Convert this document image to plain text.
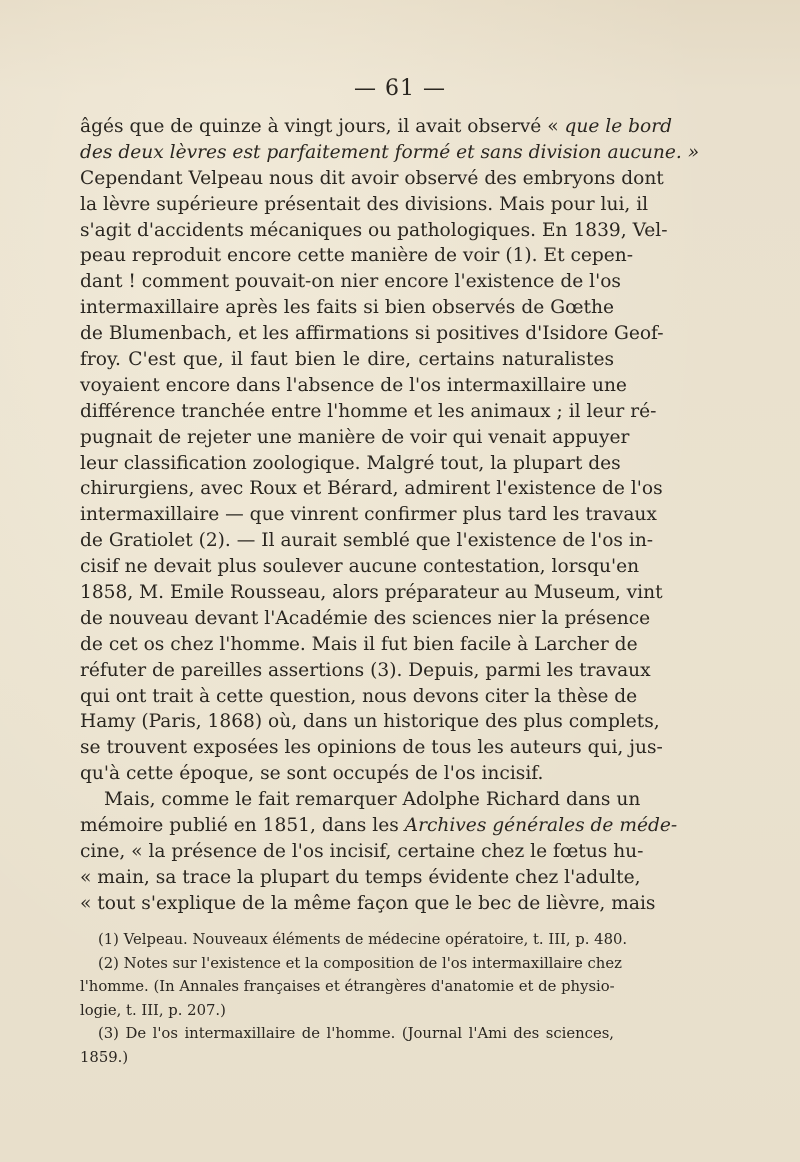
— 61 —
âgés que de quinze à vingt jours, il avait observé « que le bord
des deux lèvres est parfaitement formé et sans division aucune. »
Cependant Velpeau nous dit avoir observé des embryons dont
la lèvre supérieure présentait des divisions. Mais pour lui, il
s'agit d'accidents mécaniques ou pathologiques. En 1839, Vel-
peau reproduit encore cette manière de voir (1). Et cepen-
dant ! comment pouvait-on nier encore l'existence de l'os
intermaxillaire après les faits si bien observés de Gœthe
de Blumenbach, et les affirmations si positives d'Isidore Geof-
froy. C'est que, il faut bien le dire, certains naturalistes
voyaient encore dans l'absence de l'os intermaxillaire une
différence tranchée entre l'homme et les animaux ; il leur ré-
pugnait de rejeter une manière de voir qui venait appuyer
leur classification zoologique. Malgré tout, la plupart des
chirurgiens, avec Roux et Bérard, admirent l'existence de l'os
intermaxillaire — que vinrent confirmer plus tard les travaux
de Gratiolet (2). — Il aurait semblé que l'existence de l'os in-
cisif ne devait plus soulever aucune contestation, lorsqu'en
1858, M. Emile Rousseau, alors préparateur au Museum, vint
de nouveau devant l'Académie des sciences nier la présence
de cet os chez l'homme. Mais il fut bien facile à Larcher de
réfuter de pareilles assertions (3). Depuis, parmi les travaux
qui ont trait à cette question, nous devons citer la thèse de
Hamy (Paris, 1868) où, dans un historique des plus complets,
se trouvent exposées les opinions de tous les auteurs qui, jus-
qu'à cette époque, se sont occupés de l'os incisif.
Mais, comme le fait remarquer Adolphe Richard dans un
mémoire publié en 1851, dans les Archives générales de méde-
cine, « la présence de l'os incisif, certaine chez le fœtus hu-
« main, sa trace la plupart du temps évidente chez l'adulte,
« tout s'explique de la même façon que le bec de lièvre, mais
(1) Velpeau. Nouveaux éléments de médecine opératoire, t. III, p. 480.
(2) Notes sur l'existence et la composition de l'os intermaxillaire chez
l'homme. (In Annales françaises et étrangères d'anatomie et de physio-
logie, t. III, p. 207.)
(3) De l'os intermaxillaire de l'homme. (Journal l'Ami des sciences,
1859.)
